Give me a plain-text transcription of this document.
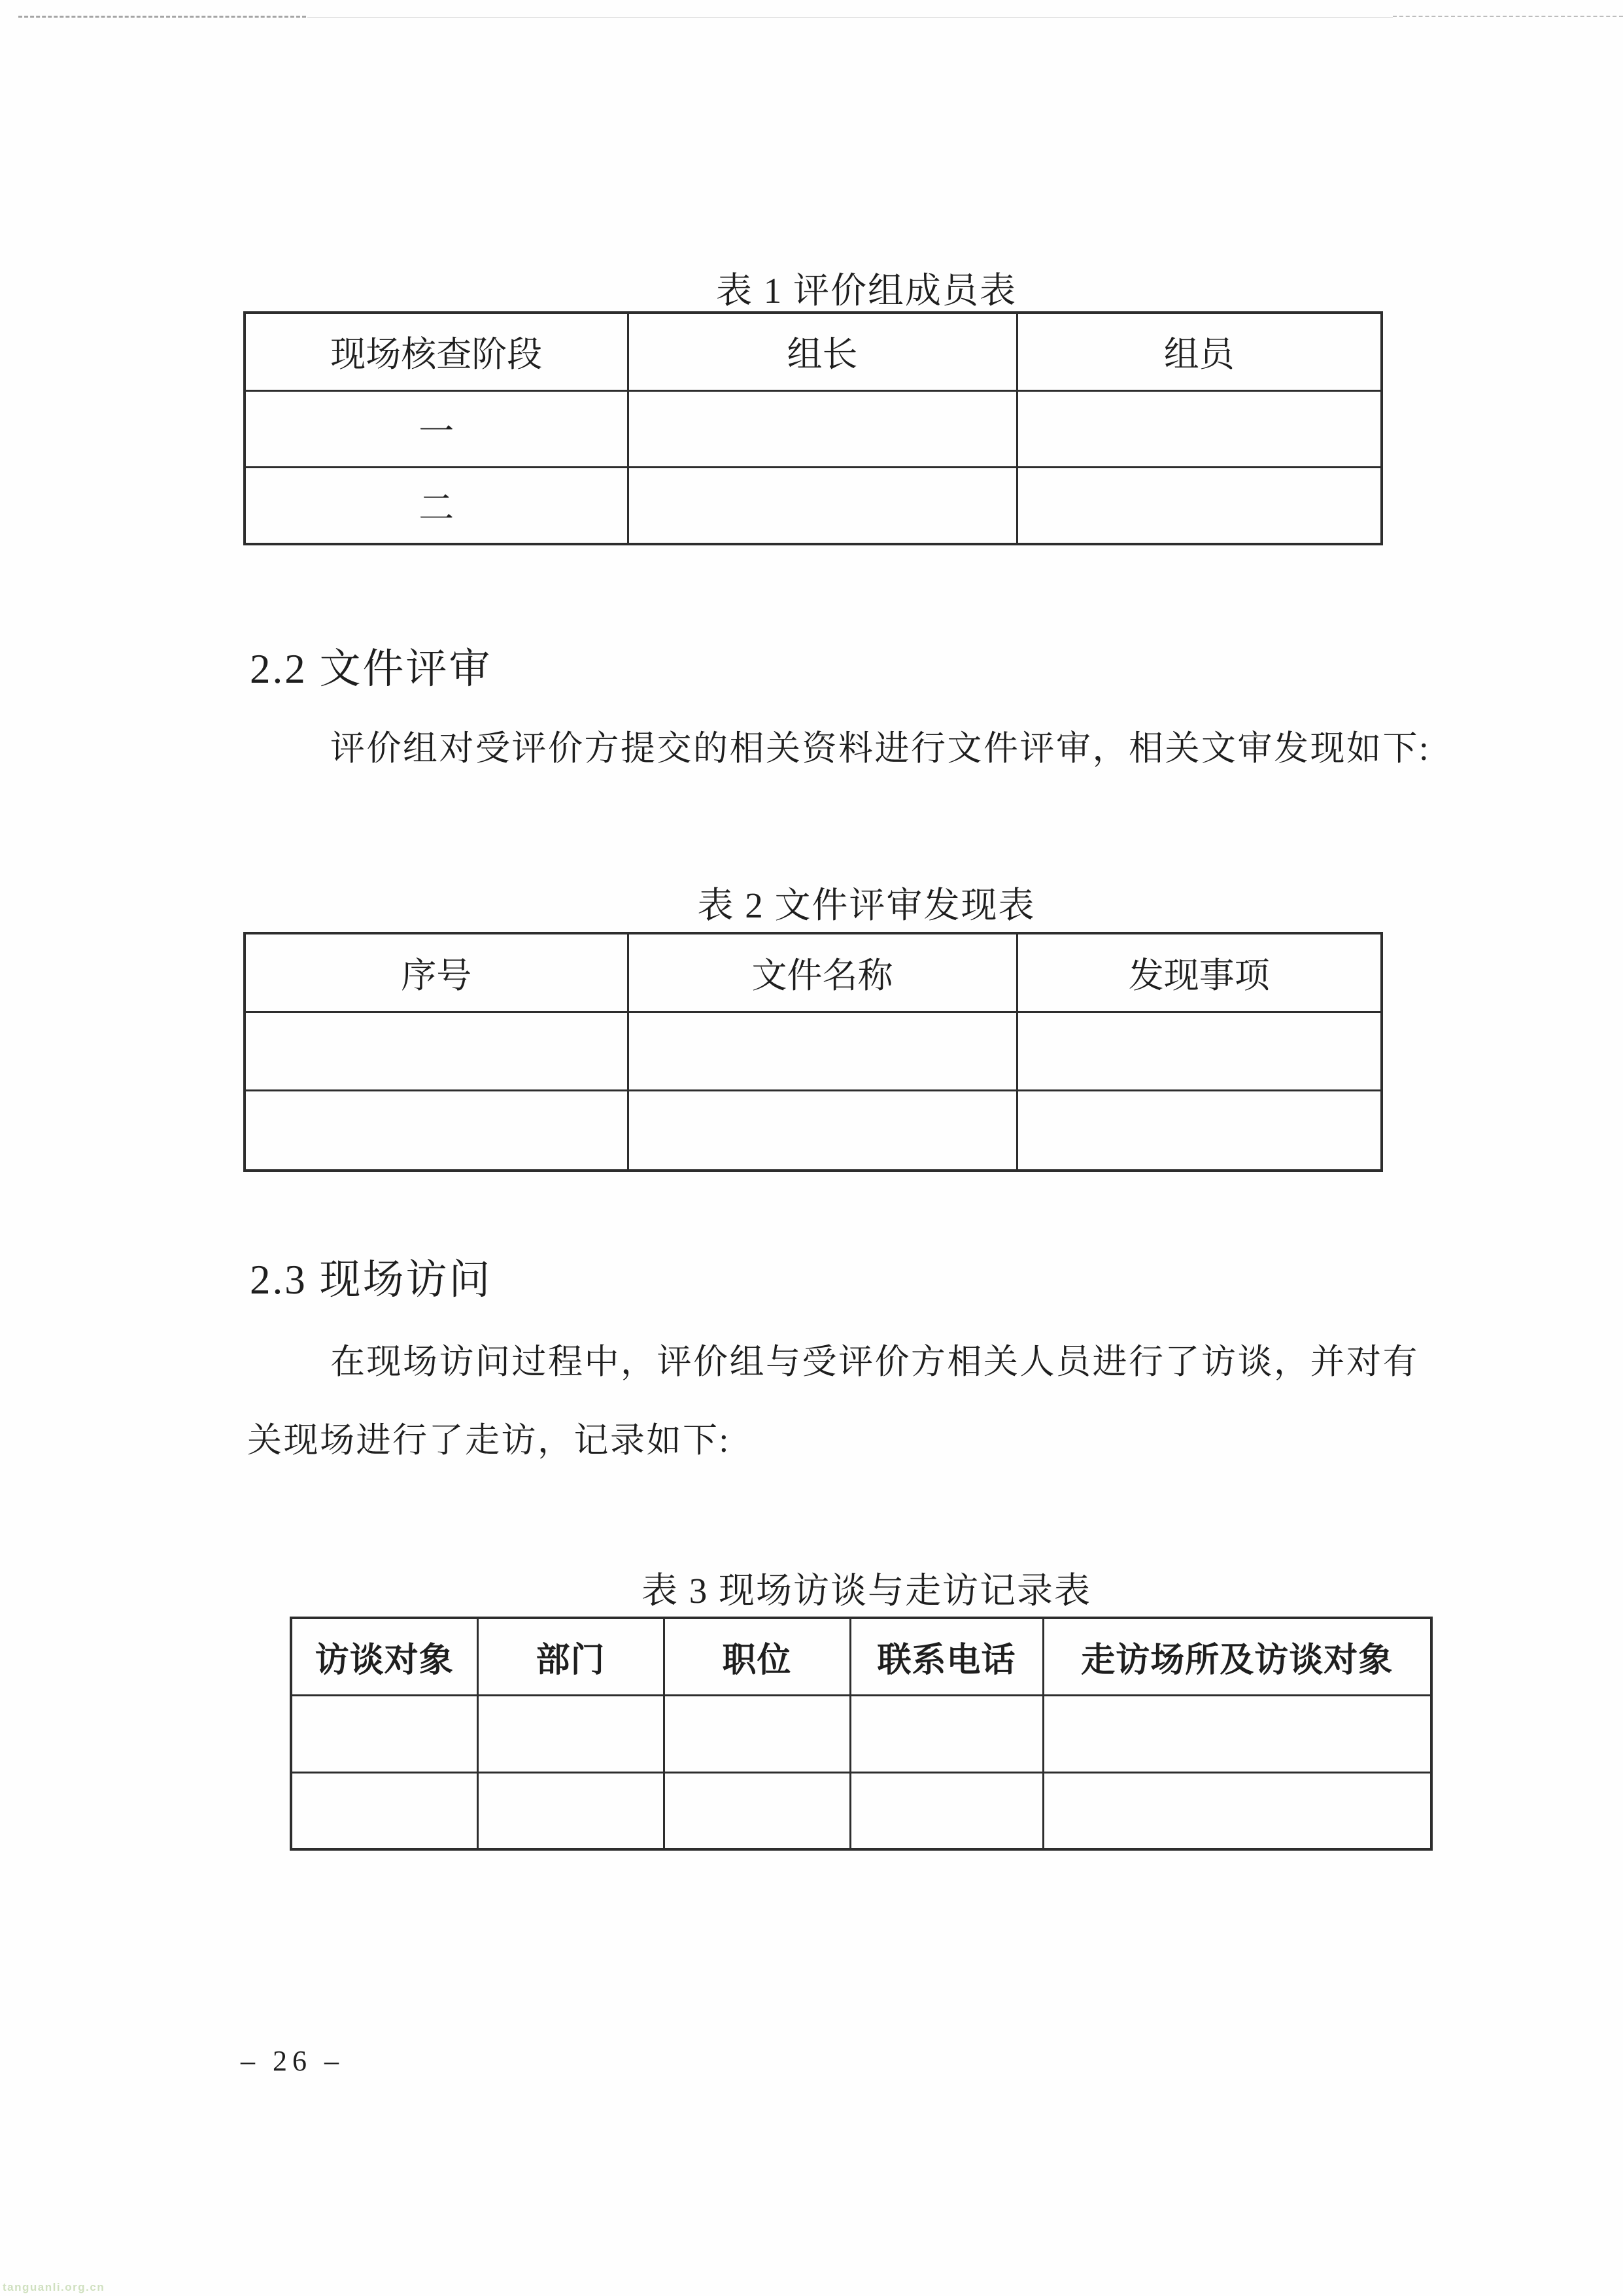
表 1 评价组成员表
现场核查阶段	组长	组员
一		
二		
2.2 文件评审
评价组对受评价方提交的相关资料进行文件评审，相关文审发现如下:
表 2 文件评审发现表
序号	文件名称	发现事项

2.3 现场访问
在现场访问过程中，评价组与受评价方相关人员进行了访谈，并对有
关现场进行了走访，记录如下:
表 3 现场访谈与走访记录表
访谈对象	部门	职位	联系电话	走访场所及访谈对象

– 26 –
tanguanli.org.cn
